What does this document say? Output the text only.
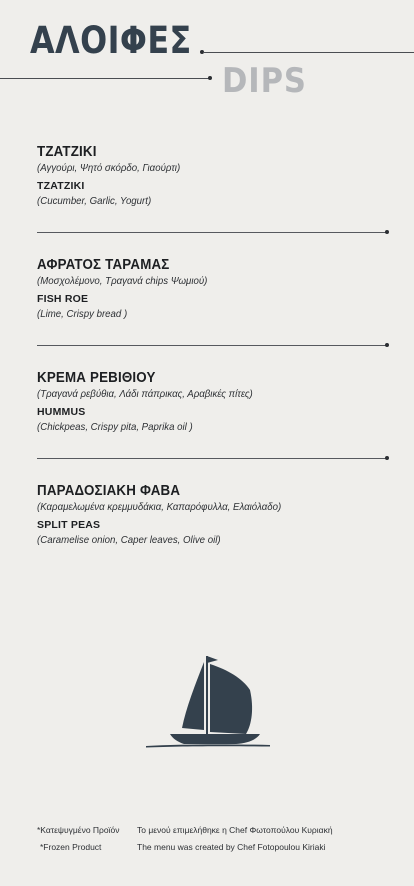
ΑΛΟΙΦΕΣ
DIPS
ΤΖΑΤΖΙΚΙ
(Αγγούρι, Ψητό σκόρδο, Γιαούρτι)
TZATZIKI
(Cucumber, Garlic, Yogurt)
ΑΦΡΑΤΟΣ ΤΑΡΑΜΑΣ
(Μοσχολέμονο, Τραγανά chips Ψωμιού)
FISH ROE
(Lime, Crispy bread )
ΚΡΕΜΑ ΡΕΒΙΘΙΟΥ
(Τραγανά ρεβύθια, Λάδι πάπρικας, Αραβικές πίτες)
HUMMUS
(Chickpeas, Crispy pita, Paprika oil )
ΠΑΡΑΔΟΣΙΑΚΗ ΦΑΒΑ
(Καραμελωμένα κρεμμυδάκια, Καπαρόφυλλα, Ελαιόλαδο)
SPLIT PEAS
(Caramelise onion, Caper leaves, Olive oil)
*Κατεψυγμένο Προϊόν
*Frozen Product
Το μενού επιμελήθηκε η Chef Φωτοπούλου Κυριακή
The menu was created by Chef Fotopoulou Kiriaki
